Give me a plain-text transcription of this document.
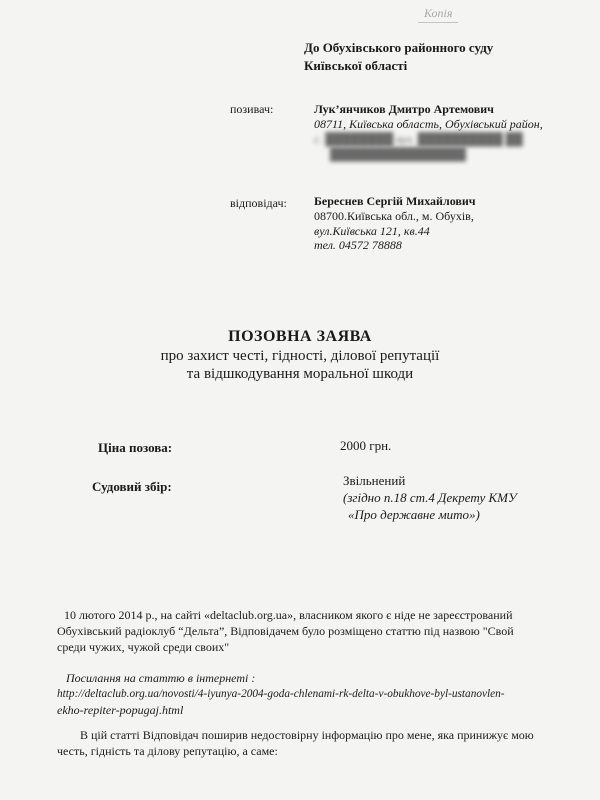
Копія
До Обухівського районного суду
Київської області
позивач:	Лук’янчиков Дмитро Артемович
08711, Київська область, Обухівський район,
с. ████████ вул. ██████████ ██
████████████████
відповідач: Береснев Сергій Михайлович
08700.Київська обл., м. Обухів,
вул.Київська 121, кв.44
тел. 04572 78888
ПОЗОВНА ЗАЯВА
про захист честі, гідності, ділової репутації
та відшкодування моральної шкоди
Ціна позова:	2000 грн.
Судовий збір:	Звільнений
(згідно п.18 ст.4 Декрету КМУ
«Про державне мито»)
10 лютого 2014 р., на сайті «deltaclub.org.ua», власником якого є ніде не зареєстрований
Обухівський радіоклуб “Дельта”, Відповідачем було розміщено статтю під назвою "Свой
среди чужих, чужой среди своих"
Посилання на статтю в інтернеті :
http://deltaclub.org.ua/novosti/4-iyunya-2004-goda-chlenami-rk-delta-v-obukhove-byl-ustanovlen-
ekho-repiter-popugaj.html
В цій статті Відповідач поширив недостовірну інформацію про мене, яка принижує мою
честь, гідність та ділову репутацію, а саме:
